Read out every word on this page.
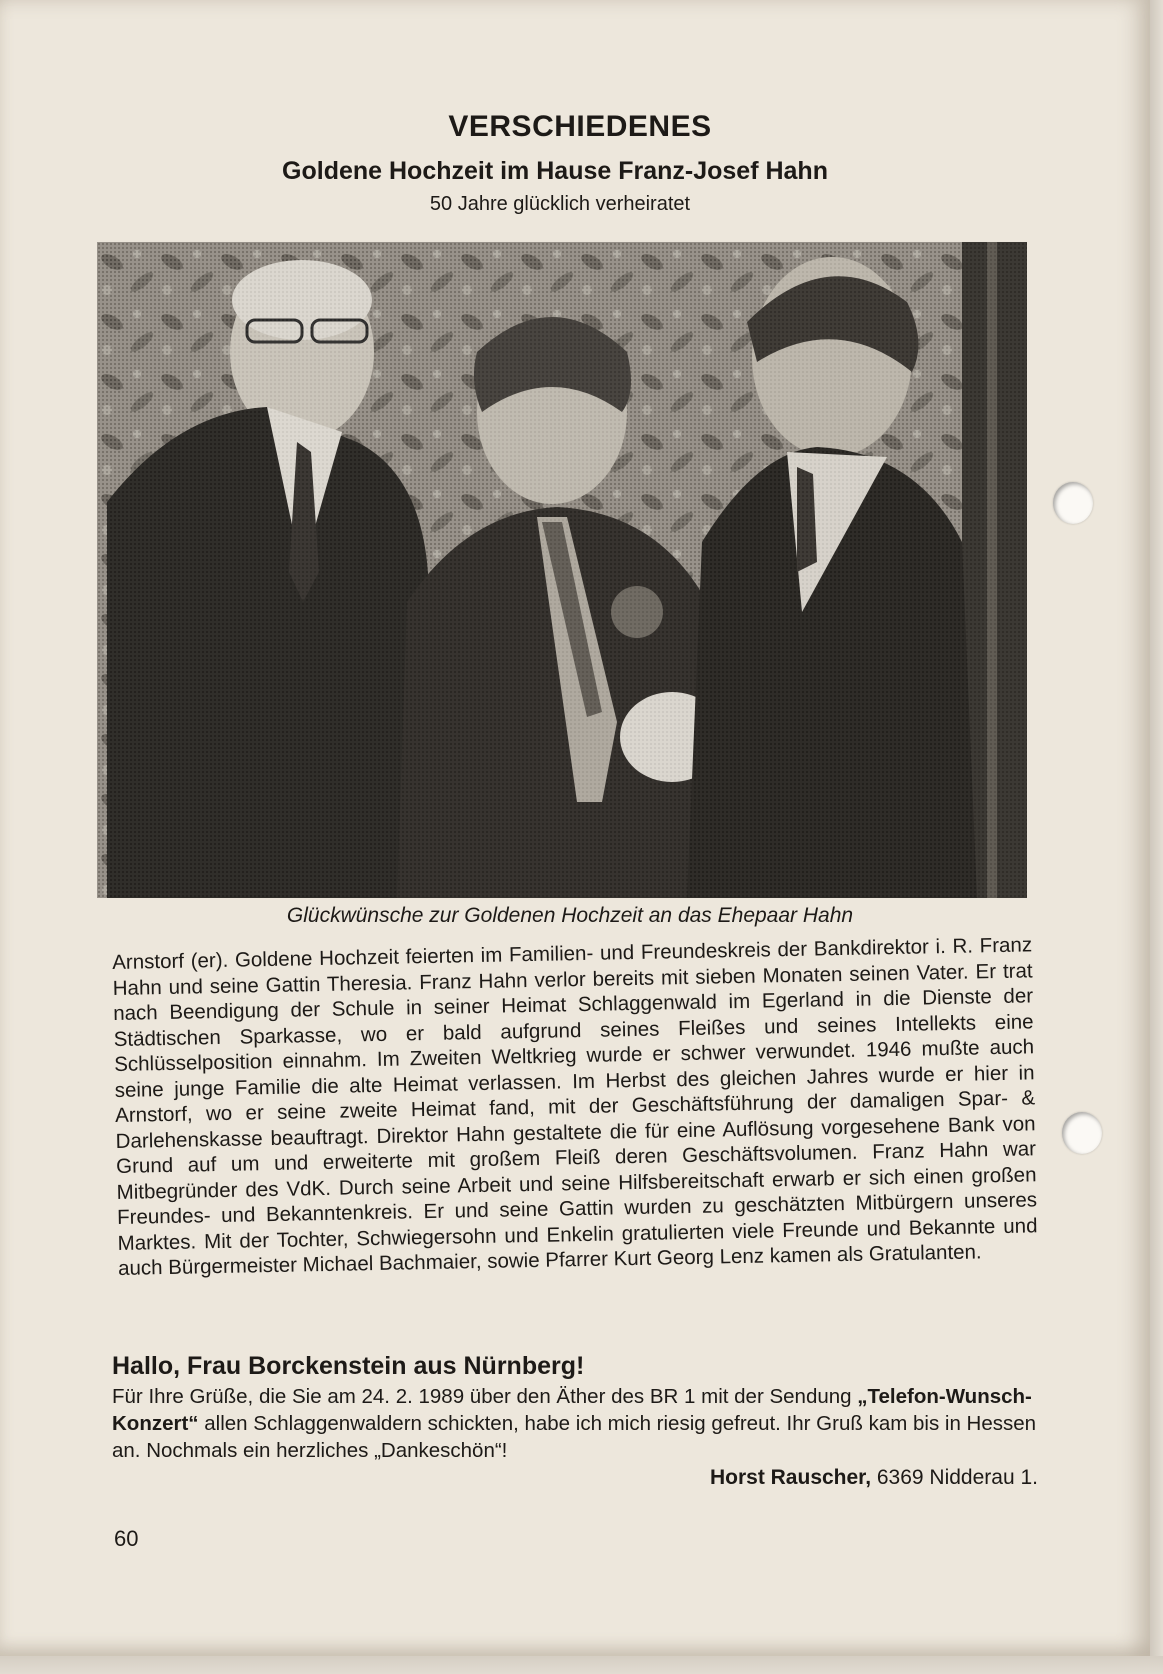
VERSCHIEDENES
Goldene Hochzeit im Hause Franz-Josef Hahn
50 Jahre glücklich verheiratet
Glückwünsche zur Goldenen Hochzeit an das Ehepaar Hahn
Arnstorf (er). Goldene Hochzeit feierten im Familien- und Freundeskreis der Bankdirektor i. R. Franz Hahn und seine Gattin Theresia. Franz Hahn verlor bereits mit sieben Monaten seinen Vater. Er trat nach Beendigung der Schule in seiner Heimat Schlaggenwald im Egerland in die Dienste der Städtischen Sparkasse, wo er bald aufgrund seines Fleißes und seines Intellekts eine Schlüsselposition einnahm. Im Zweiten Weltkrieg wurde er schwer verwundet. 1946 mußte auch seine junge Familie die alte Heimat verlassen. Im Herbst des gleichen Jahres wurde er hier in Arnstorf, wo er seine zweite Heimat fand, mit der Geschäftsführung der damaligen Spar- & Darlehenskasse beauftragt. Direktor Hahn gestaltete die für eine Auflösung vorgesehene Bank von Grund auf um und erweiterte mit großem Fleiß deren Geschäftsvolumen. Franz Hahn war Mitbegründer des VdK. Durch seine Arbeit und seine Hilfsbereitschaft erwarb er sich einen großen Freundes- und Bekanntenkreis. Er und seine Gattin wurden zu geschätzten Mitbürgern unseres Marktes. Mit der Tochter, Schwiegersohn und Enkelin gratulierten viele Freunde und Bekannte und auch Bürgermeister Michael Bachmaier, sowie Pfarrer Kurt Georg Lenz kamen als Gratulanten.
Hallo, Frau Borckenstein aus Nürnberg!
Für Ihre Grüße, die Sie am 24. 2. 1989 über den Äther des BR 1 mit der Sendung „Telefon-Wunsch-Konzert“ allen Schlaggenwaldern schickten, habe ich mich riesig gefreut. Ihr Gruß kam bis in Hessen an. Nochmals ein herzliches „Dankeschön“!
Horst Rauscher, 6369 Nidderau 1.
60
